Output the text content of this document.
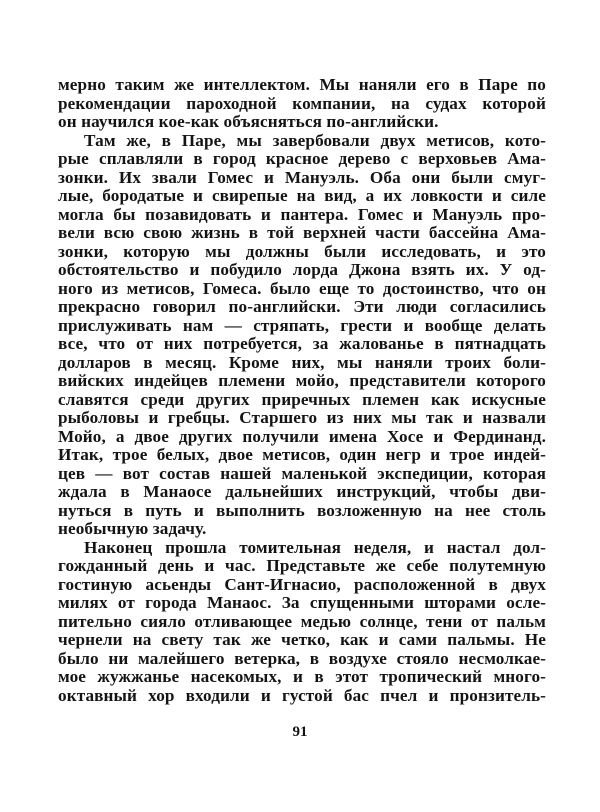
мерно таким же интеллектом. Мы наняли его в Паре по
рекомендации пароходной компании, на судах которой
он научился кое-как объясняться по-английски.
Там же, в Паре, мы завербовали двух метисов, кото-
рые сплавляли в город красное дерево с верховьев Ама-
зонки. Их звали Гомес и Мануэль. Оба они были смуг-
лые, бородатые и свирепые на вид, а их ловкости и силе
могла бы позавидовать и пантера. Гомес и Мануэль про-
вели всю свою жизнь в той верхней части бассейна Ама-
зонки, которую мы должны были исследовать, и это
обстоятельство и побудило лорда Джона взять их. У од-
ного из метисов, Гомеса. было еще то достоинство, что он
прекрасно говорил по-английски. Эти люди согласились
прислуживать нам — стряпать, грести и вообще делать
все, что от них потребуется, за жалованье в пятнадцать
долларов в месяц. Кроме них, мы наняли троих боли-
вийских индейцев племени мойо, представители которого
славятся среди других приречных племен как искусные
рыболовы и гребцы. Старшего из них мы так и назвали
Мойо, а двое других получили имена Хосе и Фердинанд.
Итак, трое белых, двое метисов, один негр и трое индей-
цев — вот состав нашей маленькой экспедиции, которая
ждала в Манаосе дальнейших инструкций, чтобы дви-
нуться в путь и выполнить возложенную на нее столь
необычную задачу.
Наконец прошла томительная неделя, и настал дол-
гожданный день и час. Представьте же себе полутемную
гостиную асьенды Сант-Игнасио, расположенной в двух
милях от города Манаос. За спущенными шторами осле-
пительно сияло отливающее медью солнце, тени от пальм
чернели на свету так же четко, как и сами пальмы. Не
было ни малейшего ветерка, в воздухе стояло несмолкае-
мое жужжанье насекомых, и в этот тропический много-
октавный хор входили и густой бас пчел и пронзитель-
91
